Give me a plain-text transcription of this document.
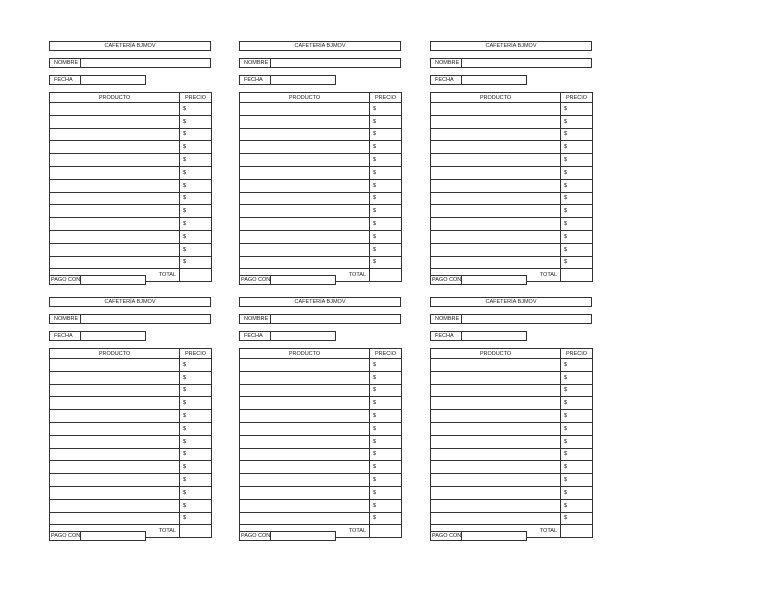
CAFETERÍA BJMOV
NOMBRE
FECHA
PRODUCTO	PRECIO
	$
	$
	$
	$
	$
	$
	$
	$
	$
	$
	$
	$
	$
TOTAL	
PAGO CON
CAFETERÍA BJMOV
NOMBRE
FECHA
PRODUCTO	PRECIO
	$
	$
	$
	$
	$
	$
	$
	$
	$
	$
	$
	$
	$
TOTAL	
PAGO CON
CAFETERÍA BJMOV
NOMBRE
FECHA
PRODUCTO	PRECIO
	$
	$
	$
	$
	$
	$
	$
	$
	$
	$
	$
	$
	$
TOTAL	
PAGO CON
CAFETERÍA BJMOV
NOMBRE
FECHA
PRODUCTO	PRECIO
	$
	$
	$
	$
	$
	$
	$
	$
	$
	$
	$
	$
	$
TOTAL	
PAGO CON
CAFETERÍA BJMOV
NOMBRE
FECHA
PRODUCTO	PRECIO
	$
	$
	$
	$
	$
	$
	$
	$
	$
	$
	$
	$
	$
TOTAL	
PAGO CON
CAFETERÍA BJMOV
NOMBRE
FECHA
PRODUCTO	PRECIO
	$
	$
	$
	$
	$
	$
	$
	$
	$
	$
	$
	$
	$
TOTAL	
PAGO CON
